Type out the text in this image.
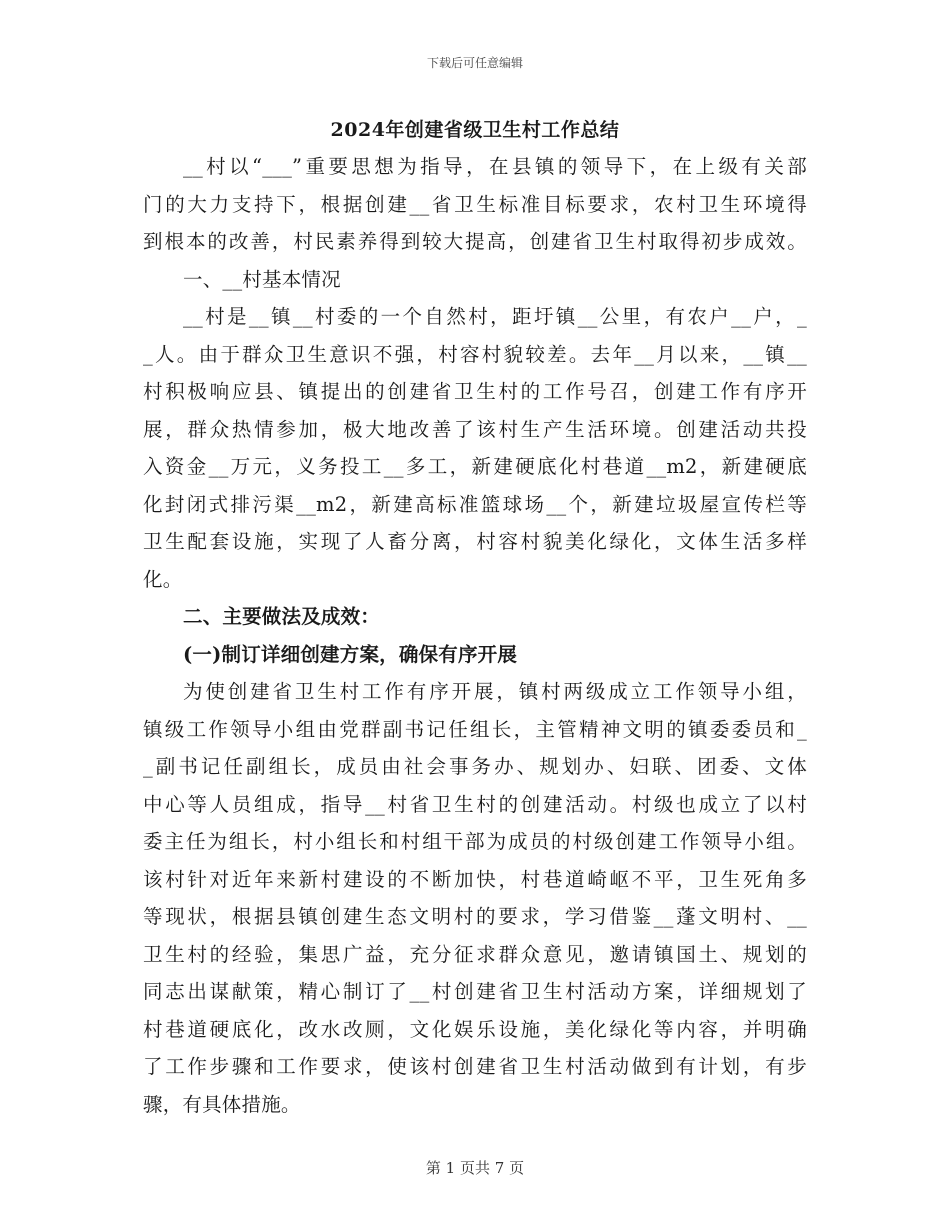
下载后可任意编辑
2024年创建省级卫生村工作总结
__村以“___”重要思想为指导，在县镇的领导下，在上级有关部
门的大力支持下，根据创建__省卫生标准目标要求，农村卫生环境得
到根本的改善，村民素养得到较大提高，创建省卫生村取得初步成效。
一、__村基本情况
__村是__镇__村委的一个自然村，距圩镇__公里，有农户__户，_
_人。由于群众卫生意识不强，村容村貌较差。去年__月以来，__镇__
村积极响应县、镇提出的创建省卫生村的工作号召，创建工作有序开
展，群众热情参加，极大地改善了该村生产生活环境。创建活动共投
入资金__万元，义务投工__多工，新建硬底化村巷道__m2，新建硬底
化封闭式排污渠__m2，新建高标准篮球场__个，新建垃圾屋宣传栏等
卫生配套设施，实现了人畜分离，村容村貌美化绿化，文体生活多样
化。
二、主要做法及成效：
(一)制订详细创建方案，确保有序开展
为使创建省卫生村工作有序开展，镇村两级成立工作领导小组，
镇级工作领导小组由党群副书记任组长，主管精神文明的镇委委员和_
_副书记任副组长，成员由社会事务办、规划办、妇联、团委、文体
中心等人员组成，指导__村省卫生村的创建活动。村级也成立了以村
委主任为组长，村小组长和村组干部为成员的村级创建工作领导小组。
该村针对近年来新村建设的不断加快，村巷道崎岖不平，卫生死角多
等现状，根据县镇创建生态文明村的要求，学习借鉴__蓬文明村、__
卫生村的经验，集思广益，充分征求群众意见，邀请镇国土、规划的
同志出谋献策，精心制订了__村创建省卫生村活动方案，详细规划了
村巷道硬底化，改水改厕，文化娱乐设施，美化绿化等内容，并明确
了工作步骤和工作要求，使该村创建省卫生村活动做到有计划，有步
骤，有具体措施。
第 1 页共 7 页
